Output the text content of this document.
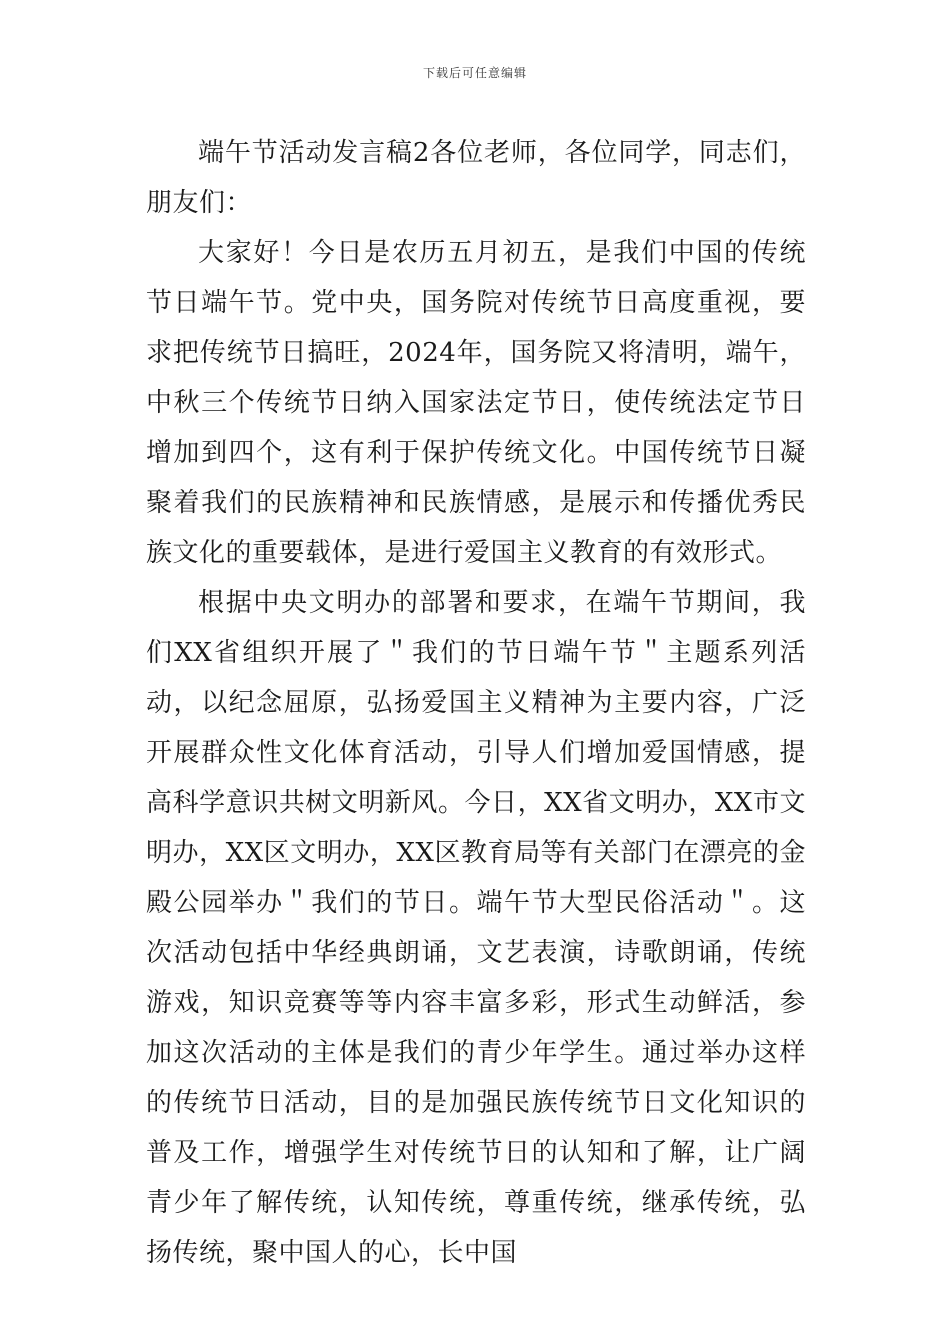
下载后可任意编辑

端午节活动发言稿2各位老师，各位同学，同志们，朋友们：

大家好！今日是农历五月初五，是我们中国的传统节日端午节。党中央，国务院对传统节日高度重视，要求把传统节日搞旺，2024年，国务院又将清明，端午，中秋三个传统节日纳入国家法定节日，使传统法定节日增加到四个，这有利于保护传统文化。中国传统节日凝聚着我们的民族精神和民族情感，是展示和传播优秀民族文化的重要载体，是进行爱国主义教育的有效形式。

根据中央文明办的部署和要求，在端午节期间，我们XX省组织开展了＂我们的节日端午节＂主题系列活动，以纪念屈原，弘扬爱国主义精神为主要内容，广泛开展群众性文化体育活动，引导人们增加爱国情感，提高科学意识共树文明新风。今日，XX省文明办，XX市文明办，XX区文明办，XX区教育局等有关部门在漂亮的金殿公园举办＂我们的节日。端午节大型民俗活动＂。这次活动包括中华经典朗诵，文艺表演，诗歌朗诵，传统游戏，知识竞赛等等内容丰富多彩，形式生动鲜活，参加这次活动的主体是我们的青少年学生。通过举办这样的传统节日活动，目的是加强民族传统节日文化知识的普及工作，增强学生对传统节日的认知和了解，让广阔青少年了解传统，认知传统，尊重传统，继承传统，弘扬传统，聚中国人的心，长中国
